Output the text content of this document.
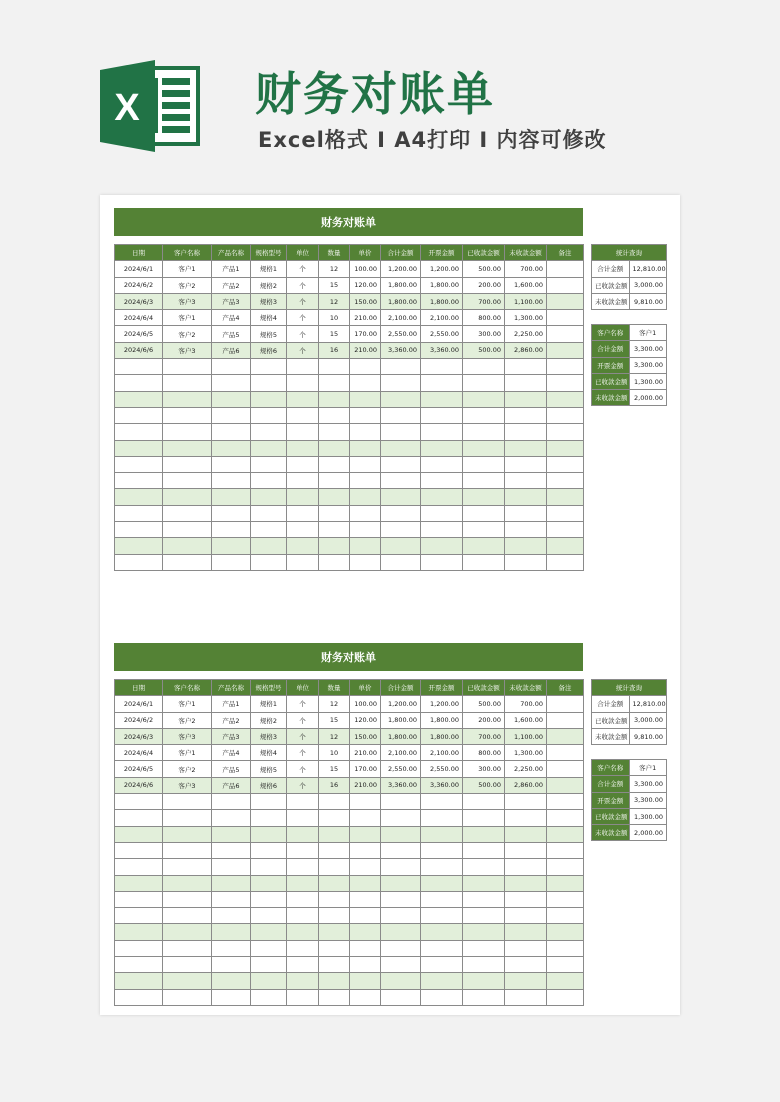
X	财务对账单
Excel格式 I A4打印 I 内容可修改
财务对账单
日期	客户名称	产品名称	规格型号	单位	数量	单价	合计金额	开票金额	已收款金额	未收款金额	备注
2024/6/1	客户1	产品1	规格1	个	12	100.00	1,200.00	1,200.00	500.00	700.00	
2024/6/2	客户2	产品2	规格2	个	15	120.00	1,800.00	1,800.00	200.00	1,600.00	
2024/6/3	客户3	产品3	规格3	个	12	150.00	1,800.00	1,800.00	700.00	1,100.00	
2024/6/4	客户1	产品4	规格4	个	10	210.00	2,100.00	2,100.00	800.00	1,300.00	
2024/6/5	客户2	产品5	规格5	个	15	170.00	2,550.00	2,550.00	300.00	2,250.00	
2024/6/6	客户3	产品6	规格6	个	16	210.00	3,360.00	3,360.00	500.00	2,860.00	

统计查询	
合计金额	12,810.00
已收款金额	3,000.00
未收款金额	9,810.00
客户名称	客户1
合计金额	3,300.00
开票金额	3,300.00
已收款金额	1,300.00
未收款金额	2,000.00
财务对账单
日期	客户名称	产品名称	规格型号	单位	数量	单价	合计金额	开票金额	已收款金额	未收款金额	备注
2024/6/1	客户1	产品1	规格1	个	12	100.00	1,200.00	1,200.00	500.00	700.00	
2024/6/2	客户2	产品2	规格2	个	15	120.00	1,800.00	1,800.00	200.00	1,600.00	
2024/6/3	客户3	产品3	规格3	个	12	150.00	1,800.00	1,800.00	700.00	1,100.00	
2024/6/4	客户1	产品4	规格4	个	10	210.00	2,100.00	2,100.00	800.00	1,300.00	
2024/6/5	客户2	产品5	规格5	个	15	170.00	2,550.00	2,550.00	300.00	2,250.00	
2024/6/6	客户3	产品6	规格6	个	16	210.00	3,360.00	3,360.00	500.00	2,860.00	

统计查询	
合计金额	12,810.00
已收款金额	3,000.00
未收款金额	9,810.00
客户名称	客户1
合计金额	3,300.00
开票金额	3,300.00
已收款金额	1,300.00
未收款金额	2,000.00
